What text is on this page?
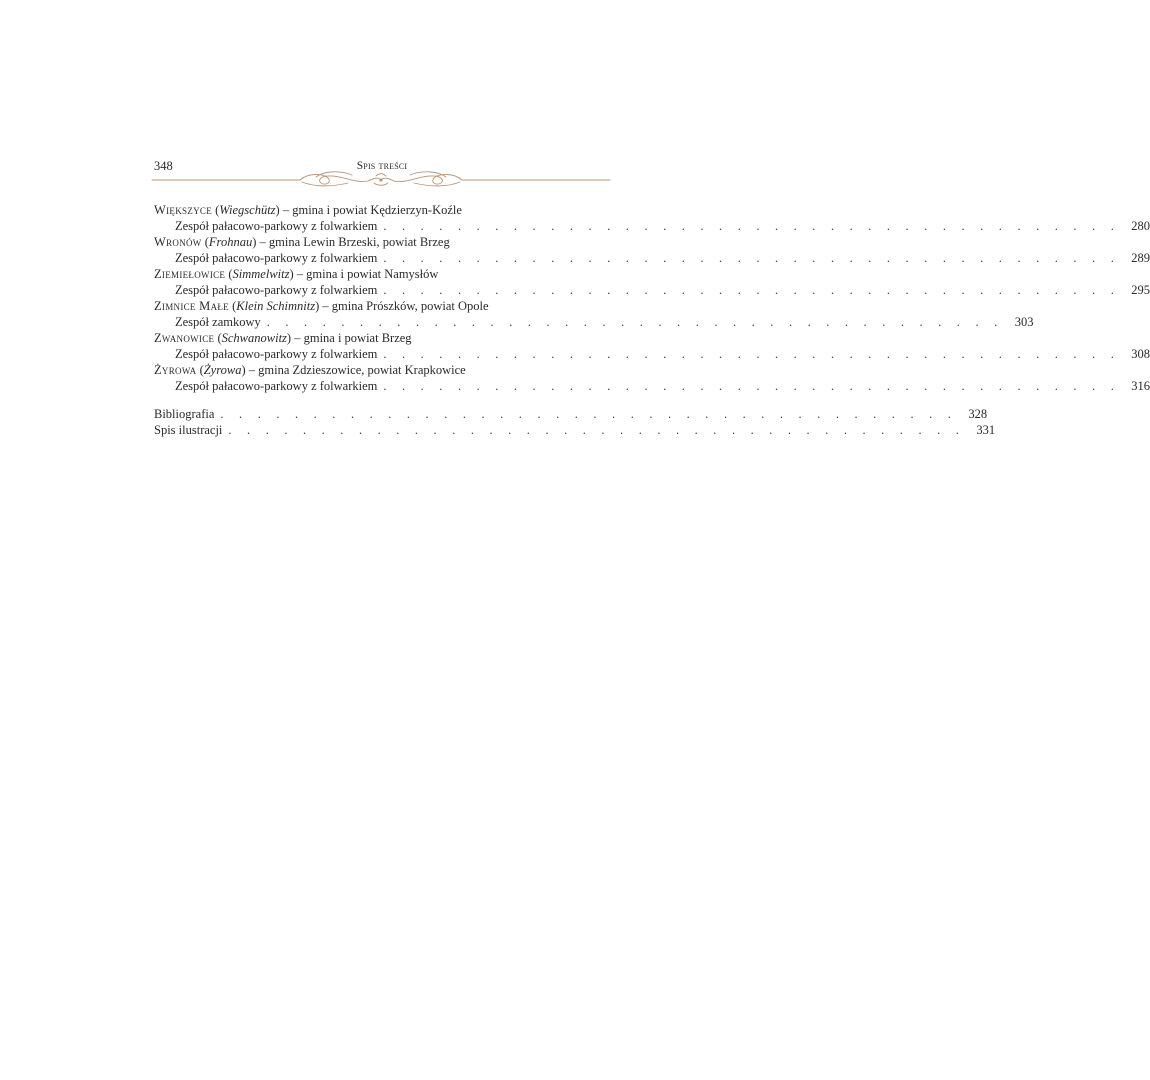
348	Spis treści
Większyce (Wiegschütz) – gmina i powiat Kędzierzyn-Koźle
Zespół pałacowo-parkowy z folwarkiem . . . . . . . . . . . . . . . . . . . . . . . . . . . . . . . . . . . . . . . . 280
Wronów (Frohnau) – gmina Lewin Brzeski, powiat Brzeg
Zespół pałacowo-parkowy z folwarkiem . . . . . . . . . . . . . . . . . . . . . . . . . . . . . . . . . . . . . . . . 289
Ziemiełowice (Simmelwitz) – gmina i powiat Namysłów
Zespół pałacowo-parkowy z folwarkiem . . . . . . . . . . . . . . . . . . . . . . . . . . . . . . . . . . . . . . . . 295
Zimnice Małe (Klein Schimnitz) – gmina Prószków, powiat Opole
Zespół zamkowy . . . . . . . . . . . . . . . . . . . . . . . . . . . . . . . . . . . . . . . . 303
Zwanowice (Schwanowitz) – gmina i powiat Brzeg
Zespół pałacowo-parkowy z folwarkiem . . . . . . . . . . . . . . . . . . . . . . . . . . . . . . . . . . . . . . . . 308
Żyrowa (Żyrowa) – gmina Zdzieszowice, powiat Krapkowice
Zespół pałacowo-parkowy z folwarkiem . . . . . . . . . . . . . . . . . . . . . . . . . . . . . . . . . . . . . . . . 316
Bibliografia . . . . . . . . . . . . . . . . . . . . . . . . . . . . . . . . . . . . . . . . 328
Spis ilustracji . . . . . . . . . . . . . . . . . . . . . . . . . . . . . . . . . . . . . . . . 331
